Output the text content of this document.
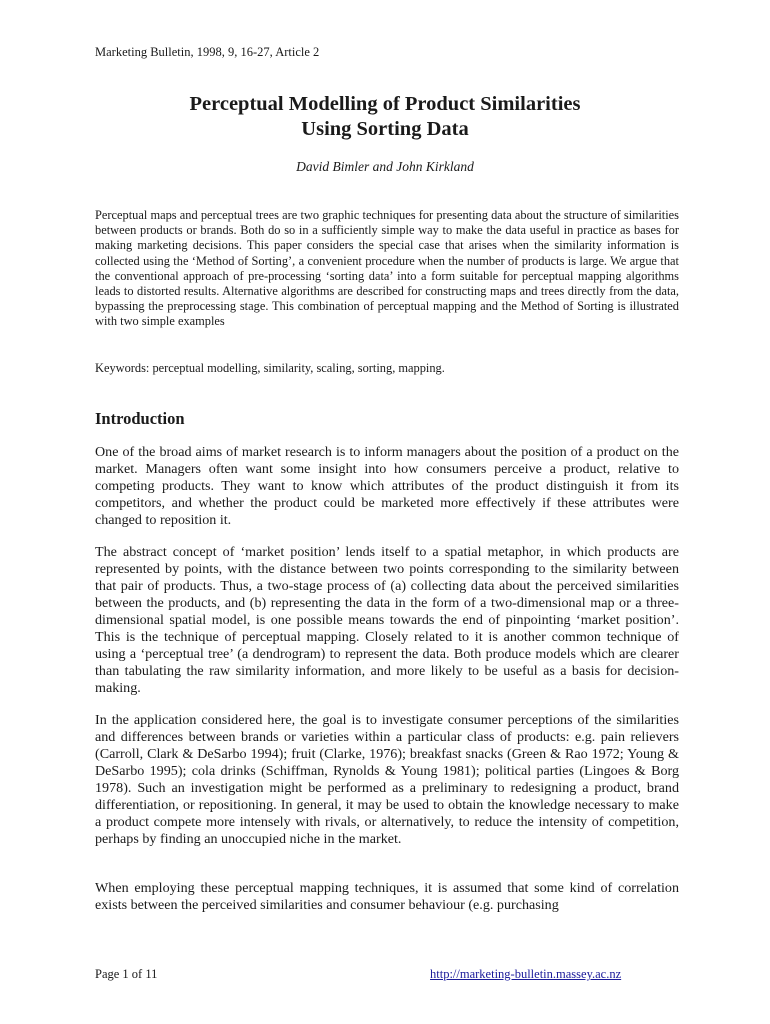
Marketing Bulletin, 1998, 9, 16-27, Article 2
Perceptual Modelling of Product Similarities
Using Sorting Data
David Bimler and John Kirkland

Perceptual maps and perceptual trees are two graphic techniques for presenting data about the structure of similarities between products or brands. Both do so in a sufficiently simple way to make the data useful in practice as bases for making marketing decisions. This paper considers the special case that arises when the similarity information is collected using the ‘Method of Sorting’, a convenient procedure when the number of products is large. We argue that the conventional approach of pre-processing ‘sorting data’ into a form suitable for perceptual mapping algorithms leads to distorted results. Alternative algorithms are described for constructing maps and trees directly from the data, bypassing the preprocessing stage. This combination of perceptual mapping and the Method of Sorting is illustrated with two simple examples

Keywords: perceptual modelling, similarity, scaling, sorting, mapping.

Introduction

One of the broad aims of market research is to inform managers about the position of a product on the market. Managers often want some insight into how consumers perceive a product, relative to competing products. They want to know which attributes of the product distinguish it from its competitors, and whether the product could be marketed more effectively if these attributes were changed to reposition it.

The abstract concept of ‘market position’ lends itself to a spatial metaphor, in which products are represented by points, with the distance between two points corresponding to the similarity between that pair of products. Thus, a two-stage process of (a) collecting data about the perceived similarities between the products, and (b) representing the data in the form of a two-dimensional map or a three-dimensional spatial model, is one possible means towards the end of pinpointing ‘market position’. This is the technique of perceptual mapping. Closely related to it is another common technique of using a ‘perceptual tree’ (a dendrogram) to represent the data. Both produce models which are clearer than tabulating the raw similarity information, and more likely to be useful as a basis for decision-making.

In the application considered here, the goal is to investigate consumer perceptions of the similarities and differences between brands or varieties within a particular class of products: e.g. pain relievers (Carroll, Clark & DeSarbo 1994); fruit (Clarke, 1976); breakfast snacks (Green & Rao 1972; Young & DeSarbo 1995); cola drinks (Schiffman, Rynolds & Young 1981); political parties (Lingoes & Borg 1978). Such an investigation might be performed as a preliminary to redesigning a product, brand differentiation, or repositioning. In general, it may be used to obtain the knowledge necessary to make a product compete more intensely with rivals, or alternatively, to reduce the intensity of competition, perhaps by finding an unoccupied niche in the market.

When employing these perceptual mapping techniques, it is assumed that some kind of correlation exists between the perceived similarities and consumer behaviour (e.g. purchasing

Page 1 of 11	http://marketing-bulletin.massey.ac.nz
